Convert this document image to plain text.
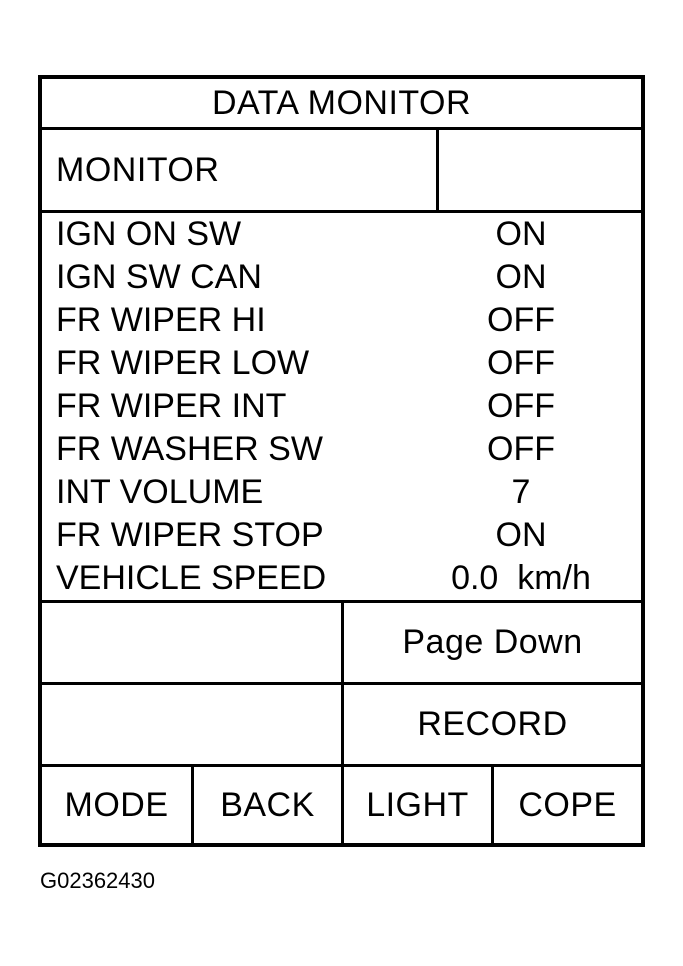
DATA MONITOR
MONITOR
IGN ON SW	ON
IGN SW CAN	ON
FR WIPER HI	OFF
FR WIPER LOW	OFF
FR WIPER INT	OFF
FR WASHER SW	OFF
INT VOLUME	7
FR WIPER STOP	ON
VEHICLE SPEED	0.0  km/h
Page Down
RECORD
MODE	BACK	LIGHT	COPE
G02362430
